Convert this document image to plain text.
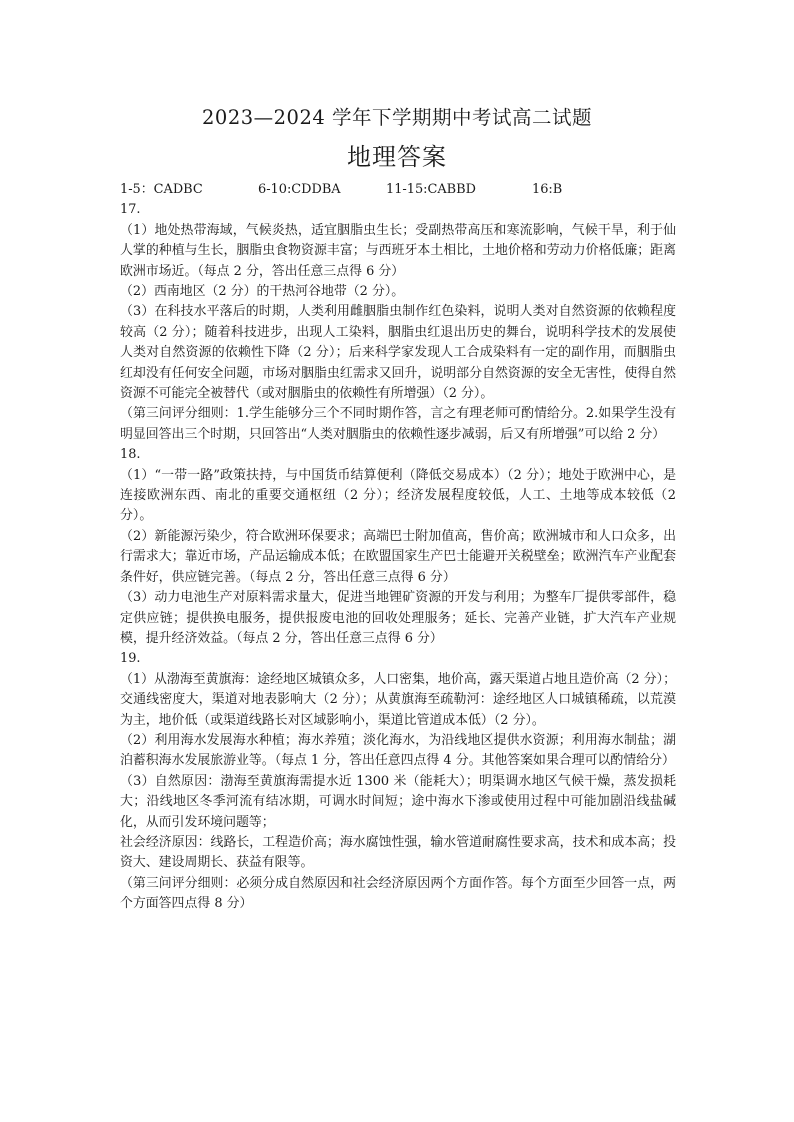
2023—2024 学年下学期期中考试高二试题
地理答案
1-5：CADBC	6-10:CDDBA	11-15:CABBD	16:B

17.

（1）地处热带海域，气候炎热，适宜胭脂虫生长；受副热带高压和寒流影响，气候干旱，利于仙人掌的种植与生长，胭脂虫食物资源丰富；与西班牙本土相比，土地价格和劳动力价格低廉；距离欧洲市场近。（每点 2 分，答出任意三点得 6 分）

（2）西南地区（2 分）的干热河谷地带（2 分）。

（3）在科技水平落后的时期，人类利用雌胭脂虫制作红色染料，说明人类对自然资源的依赖程度较高（2 分）；随着科技进步，出现人工染料，胭脂虫红退出历史的舞台，说明科学技术的发展使人类对自然资源的依赖性下降（2 分）；后来科学家发现人工合成染料有一定的副作用，而胭脂虫红却没有任何安全问题，市场对胭脂虫红需求又回升，说明部分自然资源的安全无害性，使得自然资源不可能完全被替代（或对胭脂虫的依赖性有所增强）（2 分）。

（第三问评分细则：1.学生能够分三个不同时期作答，言之有理老师可酌情给分。2.如果学生没有明显回答出三个时期，只回答出“人类对胭脂虫的依赖性逐步减弱，后又有所增强”可以给 2 分）

18.

（1）“一带一路”政策扶持，与中国货币结算便利（降低交易成本）（2 分）；地处于欧洲中心，是连接欧洲东西、南北的重要交通枢纽（2 分）；经济发展程度较低，人工、土地等成本较低（2 分）。

（2）新能源污染少，符合欧洲环保要求；高端巴士附加值高，售价高；欧洲城市和人口众多，出行需求大；靠近市场，产品运输成本低；在欧盟国家生产巴士能避开关税壁垒；欧洲汽车产业配套条件好，供应链完善。（每点 2 分，答出任意三点得 6 分）

（3）动力电池生产对原料需求量大，促进当地锂矿资源的开发与利用；为整车厂提供零部件，稳定供应链；提供换电服务，提供报废电池的回收处理服务；延长、完善产业链，扩大汽车产业规模，提升经济效益。（每点 2 分，答出任意三点得 6 分）

19.

（1）从渤海至黄旗海：途经地区城镇众多，人口密集，地价高，露天渠道占地且造价高（2 分）；交通线密度大，渠道对地表影响大（2 分）；从黄旗海至疏勒河：途经地区人口城镇稀疏，以荒漠为主，地价低（或渠道线路长对区域影响小，渠道比管道成本低）（2 分）。

（2）利用海水发展海水种植；海水养殖；淡化海水，为沿线地区提供水资源；利用海水制盐；湖泊蓄积海水发展旅游业等。（每点 1 分，答出任意四点得 4 分。其他答案如果合理可以酌情给分）

（3）自然原因：渤海至黄旗海需提水近 1300 米（能耗大）；明渠调水地区气候干燥，蒸发损耗大；沿线地区冬季河流有结冰期，可调水时间短；途中海水下渗或使用过程中可能加剧沿线盐碱化，从而引发环境问题等；

社会经济原因：线路长，工程造价高；海水腐蚀性强，输水管道耐腐性要求高，技术和成本高；投资大、建设周期长、获益有限等。

（第三问评分细则：必须分成自然原因和社会经济原因两个方面作答。每个方面至少回答一点，两个方面答四点得 8 分）
